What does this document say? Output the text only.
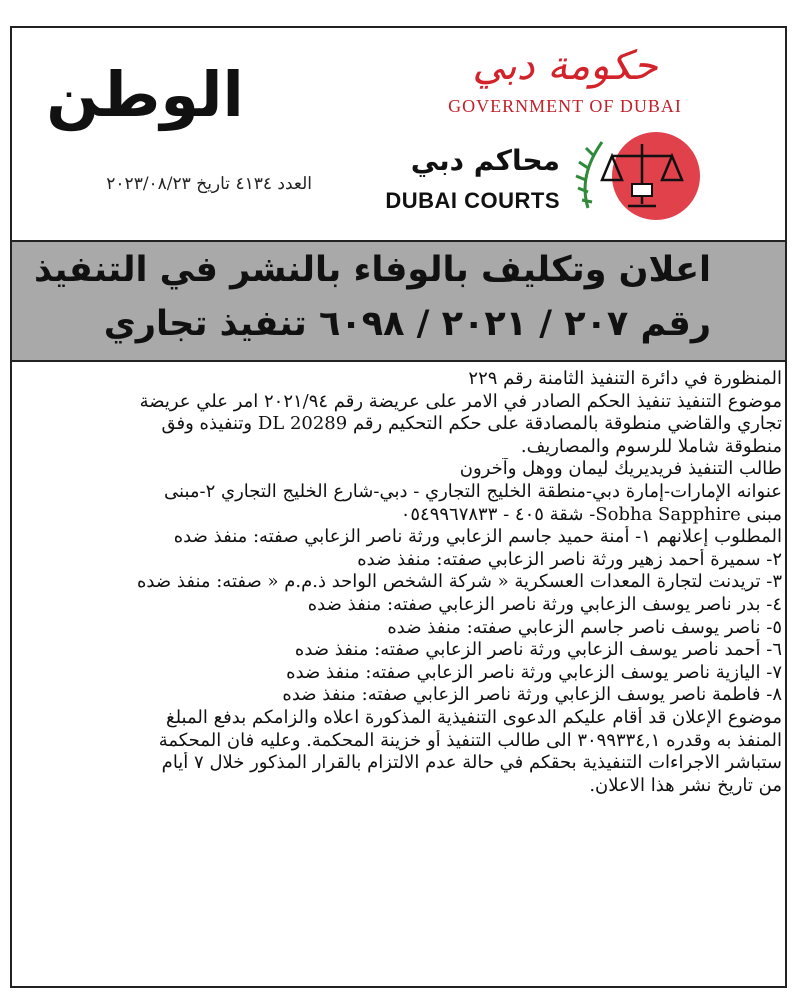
الوطن
العدد ٤١٣٤ تاريخ ٢٠٢٣/٠٨/٢٣
حكومة دبي
GOVERNMENT OF DUBAI
محاكم دبي
DUBAI COURTS
اعلان وتكليف بالوفاء بالنشر في التنفيذ
رقم ٢٠٧ / ٢٠٢١ / ٦٠٩٨ تنفيذ تجاري

المنظورة في دائرة التنفيذ الثامنة رقم ٢٢٩

موضوع التنفيذ تنفيذ الحكم الصادر في الامر على عريضة رقم ٢٠٢١/٩٤ امر علي عريضة

تجاري والقاضي منطوقة بالمصادقة على حكم التحكيم رقم DL 20289 وتنفيذه وفق

منطوقة شاملا للرسوم والمصاريف.

طالب التنفيذ فريديريك ليمان ووهل وآخرون

عنوانه الإمارات-إمارة دبي-منطقة الخليج التجاري - دبي-شارع الخليج التجاري ٢-مبنى

مبنى Sobha Sapphire- شقة ٤٠٥ - ٠٥٤٩٩٦٧٨٣٣

المطلوب إعلانهم ١- أمنة حميد جاسم الزعابي ورثة ناصر الزعابي صفته: منفذ ضده

٢- سميرة أحمد زهير ورثة ناصر الزعابي صفته: منفذ ضده

٣- تريدنت لتجارة المعدات العسكرية « شركة الشخص الواحد ذ.م.م « صفته: منفذ ضده

٤- بدر ناصر يوسف الزعابي ورثة ناصر الزعابي صفته: منفذ ضده

٥- ناصر يوسف ناصر جاسم الزعابي صفته: منفذ ضده

٦- أحمد ناصر يوسف الزعابي ورثة ناصر الزعابي صفته: منفذ ضده

٧- اليازية ناصر يوسف الزعابي ورثة ناصر الزعابي صفته: منفذ ضده

٨- فاطمة ناصر يوسف الزعابي ورثة ناصر الزعابي صفته: منفذ ضده

موضوع الإعلان قد أقام عليكم الدعوى التنفيذية المذكورة اعلاه والزامكم بدفع المبلغ

المنفذ به وقدره ٣٠٩٩٣٣٤,١ الى طالب التنفيذ أو خزينة المحكمة. وعليه فان المحكمة

ستباشر الاجراءات التنفيذية بحقكم في حالة عدم الالتزام بالقرار المذكور خلال ٧ أيام

من تاريخ نشر هذا الاعلان.
